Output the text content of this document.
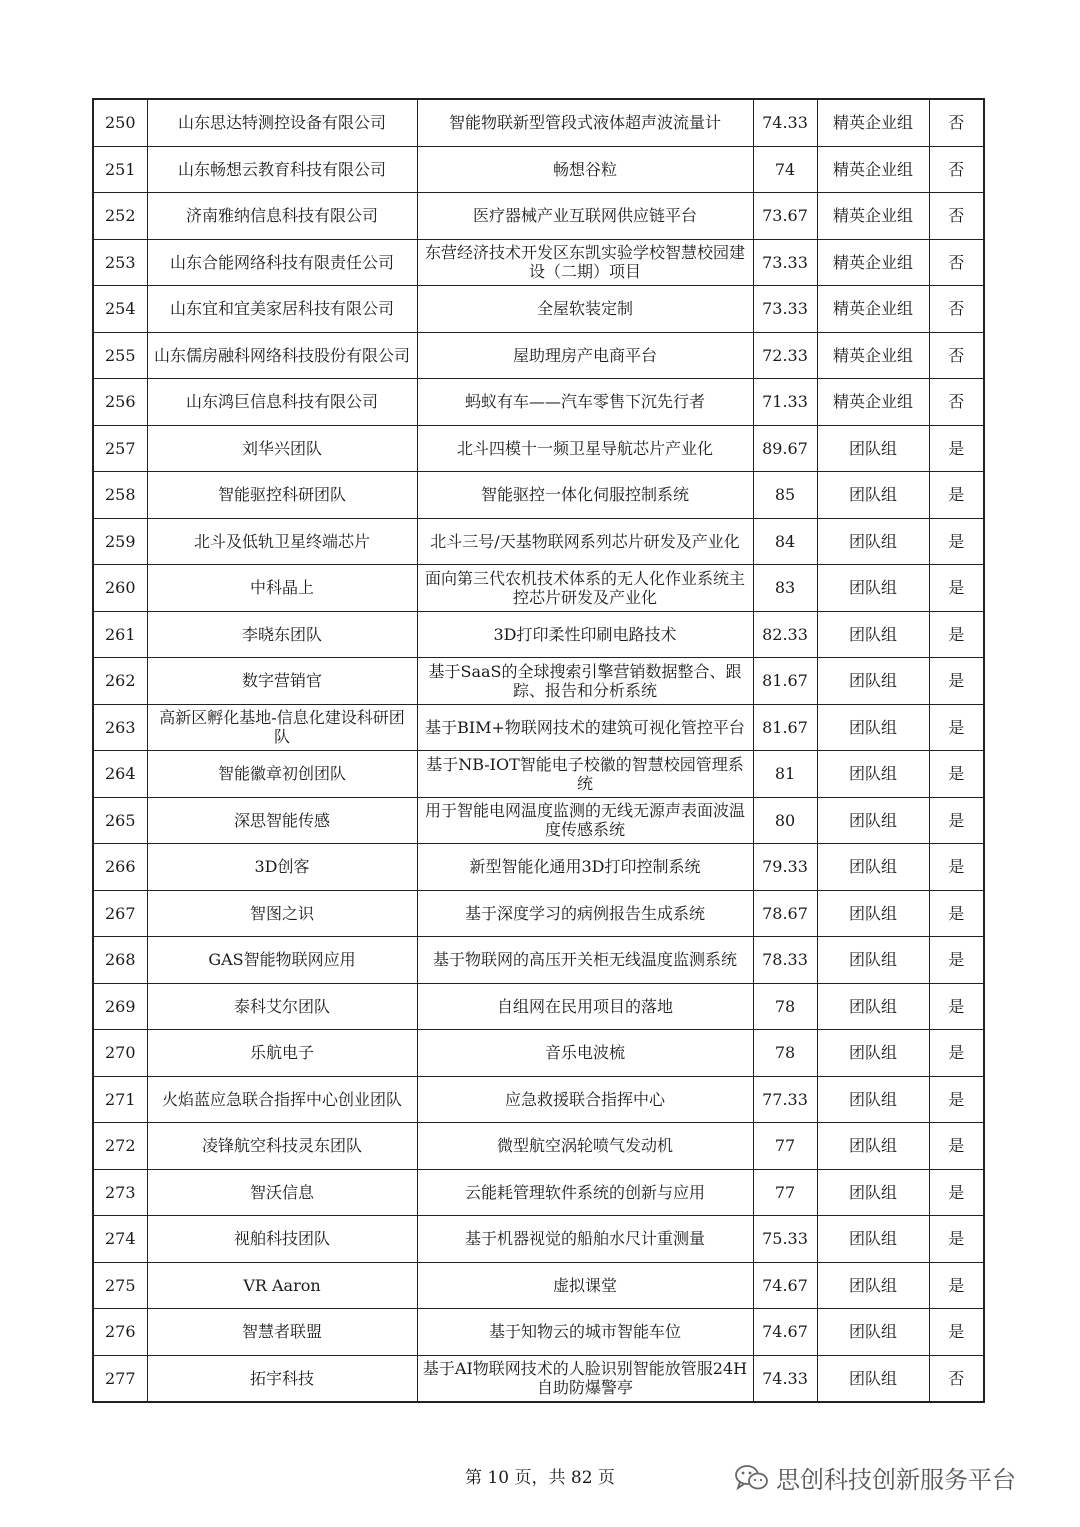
250	山东思达特测控设备有限公司	智能物联新型管段式液体超声波流量计	74.33	精英企业组	否
251	山东畅想云教育科技有限公司	畅想谷粒	74	精英企业组	否
252	济南雅纳信息科技有限公司	医疗器械产业互联网供应链平台	73.67	精英企业组	否
253	山东合能网络科技有限责任公司	东营经济技术开发区东凯实验学校智慧校园建设（二期）项目	73.33	精英企业组	否
254	山东宜和宜美家居科技有限公司	全屋软装定制	73.33	精英企业组	否
255	山东儒房融科网络科技股份有限公司	屋助理房产电商平台	72.33	精英企业组	否
256	山东鸿巨信息科技有限公司	蚂蚁有车——汽车零售下沉先行者	71.33	精英企业组	否
257	刘华兴团队	北斗四模十一频卫星导航芯片产业化	89.67	团队组	是
258	智能驱控科研团队	智能驱控一体化伺服控制系统	85	团队组	是
259	北斗及低轨卫星终端芯片	北斗三号/天基物联网系列芯片研发及产业化	84	团队组	是
260	中科晶上	面向第三代农机技术体系的无人化作业系统主控芯片研发及产业化	83	团队组	是
261	李晓东团队	3D打印柔性印刷电路技术	82.33	团队组	是
262	数字营销官	基于SaaS的全球搜索引擎营销数据整合、跟踪、报告和分析系统	81.67	团队组	是
263	高新区孵化基地-信息化建设科研团队	基于BIM+物联网技术的建筑可视化管控平台	81.67	团队组	是
264	智能徽章初创团队	基于NB-IOT智能电子校徽的智慧校园管理系统	81	团队组	是
265	深思智能传感	用于智能电网温度监测的无线无源声表面波温度传感系统	80	团队组	是
266	3D创客	新型智能化通用3D打印控制系统	79.33	团队组	是
267	智图之识	基于深度学习的病例报告生成系统	78.67	团队组	是
268	GAS智能物联网应用	基于物联网的高压开关柜无线温度监测系统	78.33	团队组	是
269	泰科艾尔团队	自组网在民用项目的落地	78	团队组	是
270	乐航电子	音乐电波梳	78	团队组	是
271	火焰蓝应急联合指挥中心创业团队	应急救援联合指挥中心	77.33	团队组	是
272	凌锋航空科技灵东团队	微型航空涡轮喷气发动机	77	团队组	是
273	智沃信息	云能耗管理软件系统的创新与应用	77	团队组	是
274	视舶科技团队	基于机器视觉的船舶水尺计重测量	75.33	团队组	是
275	VR Aaron	虚拟课堂	74.67	团队组	是
276	智慧者联盟	基于知物云的城市智能车位	74.67	团队组	是
277	拓宇科技	基于AI物联网技术的人脸识别智能放管服24H自助防爆警亭	74.33	团队组	否
第 10 页，共 82 页	思创科技创新服务平台
